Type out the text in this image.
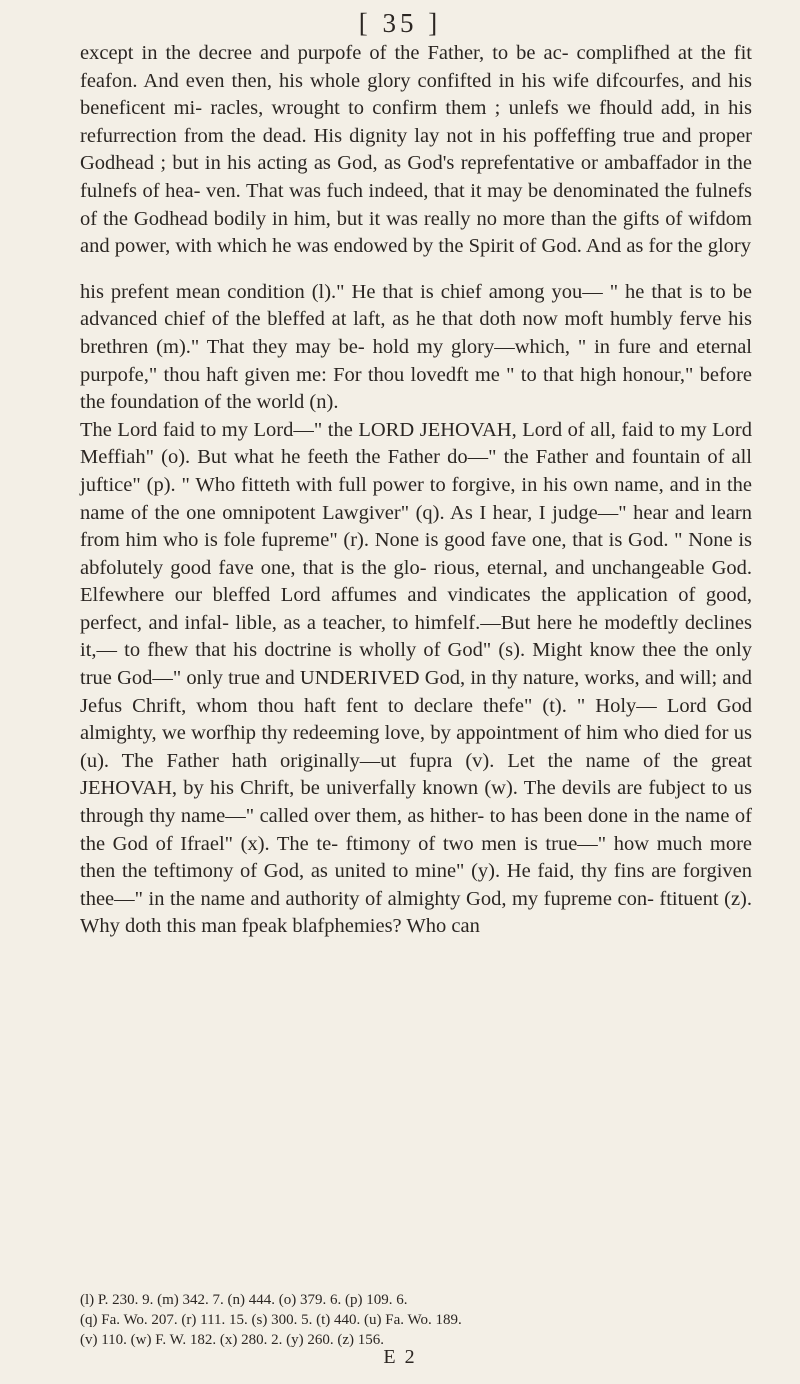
[ 35 ]

except in the decree and purpofe of the Father, to be ac- complifhed at the fit feafon. And even then, his whole glory confifted in his wife difcourfes, and his beneficent mi- racles, wrought to confirm them ; unlefs we fhould add, in his refurrection from the dead. His dignity lay not in his poffeffing true and proper Godhead ; but in his acting as God, as God's reprefentative or ambaffador in the fulnefs of hea- ven. That was fuch indeed, that it may be denominated the fulnefs of the Godhead bodily in him, but it was really no more than the gifts of wifdom and power, with which he was endowed by the Spirit of God. And as for the glory

his prefent mean condition (l)." He that is chief among you— " he that is to be advanced chief of the bleffed at laft, as he that doth now moft humbly ferve his brethren (m)." That they may be- hold my glory—which, " in fure and eternal purpofe," thou haft given me: For thou lovedft me " to that high honour," before the foundation of the world (n).

The Lord faid to my Lord—" the LORD JEHOVAH, Lord of all, faid to my Lord Meffiah" (o). But what he feeth the Father do—" the Father and fountain of all juftice" (p). " Who fitteth with full power to forgive, in his own name, and in the name of the one omnipotent Lawgiver" (q). As I hear, I judge—" hear and learn from him who is fole fupreme" (r). None is good fave one, that is God. " None is abfolutely good fave one, that is the glo- rious, eternal, and unchangeable God. Elfewhere our bleffed Lord affumes and vindicates the application of good, perfect, and infal- lible, as a teacher, to himfelf.—But here he modeftly declines it,— to fhew that his doctrine is wholly of God" (s). Might know thee the only true God—" only true and UNDERIVED God, in thy nature, works, and will; and Jefus Chrift, whom thou haft fent to declare thefe" (t). " Holy— Lord God almighty, we worfhip thy redeeming love, by appointment of him who died for us (u). The Father hath originally—ut fupra (v). Let the name of the great JEHOVAH, by his Chrift, be univerfally known (w). The devils are fubject to us through thy name—" called over them, as hither- to has been done in the name of the God of Ifrael" (x). The te- ftimony of two men is true—" how much more then the teftimony of God, as united to mine" (y). He faid, thy fins are forgiven thee—" in the name and authority of almighty God, my fupreme con- ftituent (z). Why doth this man fpeak blafphemies? Who can

(l) P. 230. 9. (m) 342. 7. (n) 444. (o) 379. 6. (p) 109. 6.
(q) Fa. Wo. 207. (r) 111. 15. (s) 300. 5. (t) 440. (u) Fa. Wo. 189.
(v) 110. (w) F. W. 182. (x) 280. 2. (y) 260. (z) 156.
E 2
